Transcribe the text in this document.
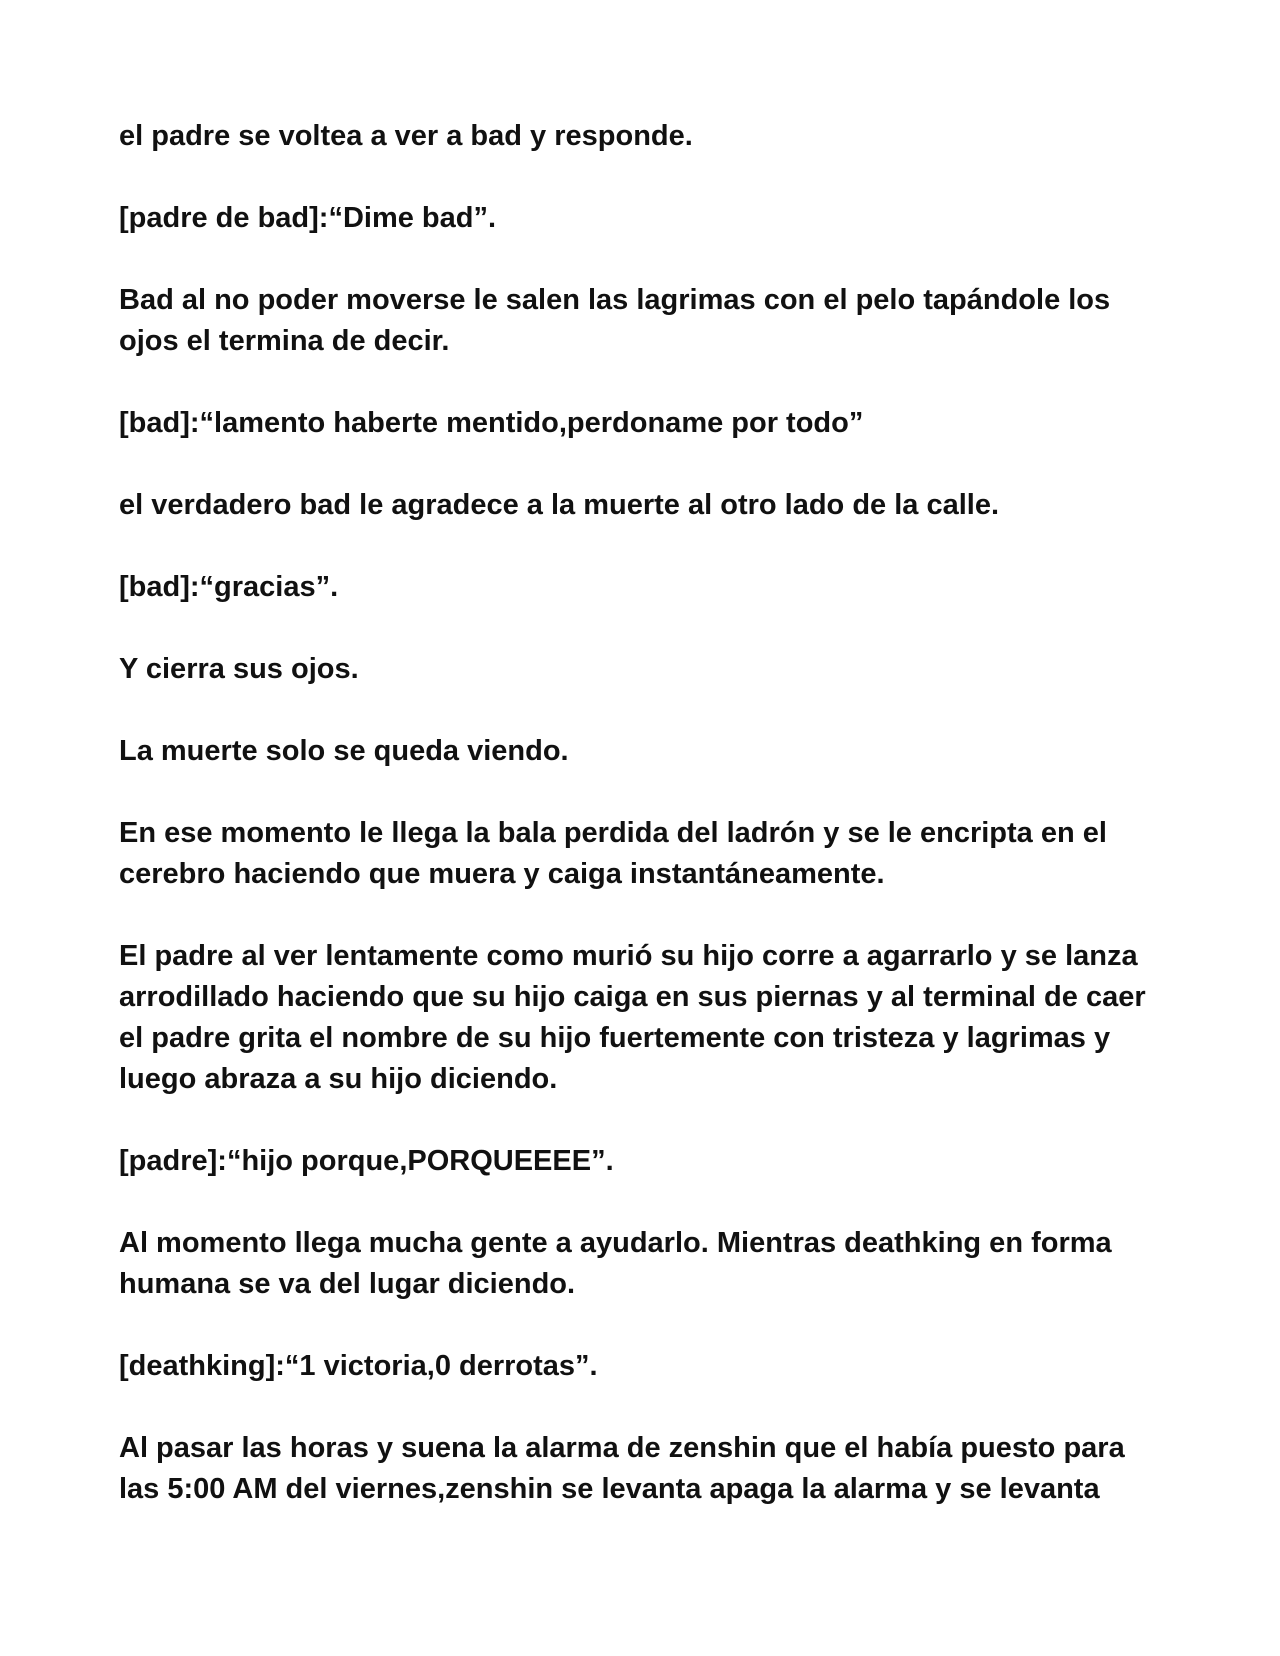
el padre se voltea a ver a bad y responde.

[padre de bad]:“Dime bad”.

Bad al no poder moverse le salen las lagrimas con el pelo tapándole los
ojos el termina de decir.

[bad]:“lamento haberte mentido,perdoname por todo”

el verdadero bad le agradece a la muerte al otro lado de la calle.

[bad]:“gracias”.

Y cierra sus ojos.

La muerte solo se queda viendo.

En ese momento le llega la bala perdida del ladrón y se le encripta en el
cerebro haciendo que muera y caiga instantáneamente.

El padre al ver lentamente como murió su hijo corre a agarrarlo y se lanza
arrodillado haciendo que su hijo caiga en sus piernas y al terminal de caer
el padre grita el nombre de su hijo fuertemente con tristeza y lagrimas y
luego abraza a su hijo diciendo.

[padre]:“hijo porque,PORQUEEEE”.

Al momento llega mucha gente a ayudarlo. Mientras deathking en forma
humana se va del lugar diciendo.

[deathking]:“1 victoria,0 derrotas”.

Al pasar las horas y suena la alarma de zenshin que el había puesto para
las 5:00 AM del viernes,zenshin se levanta apaga la alarma y se levanta
